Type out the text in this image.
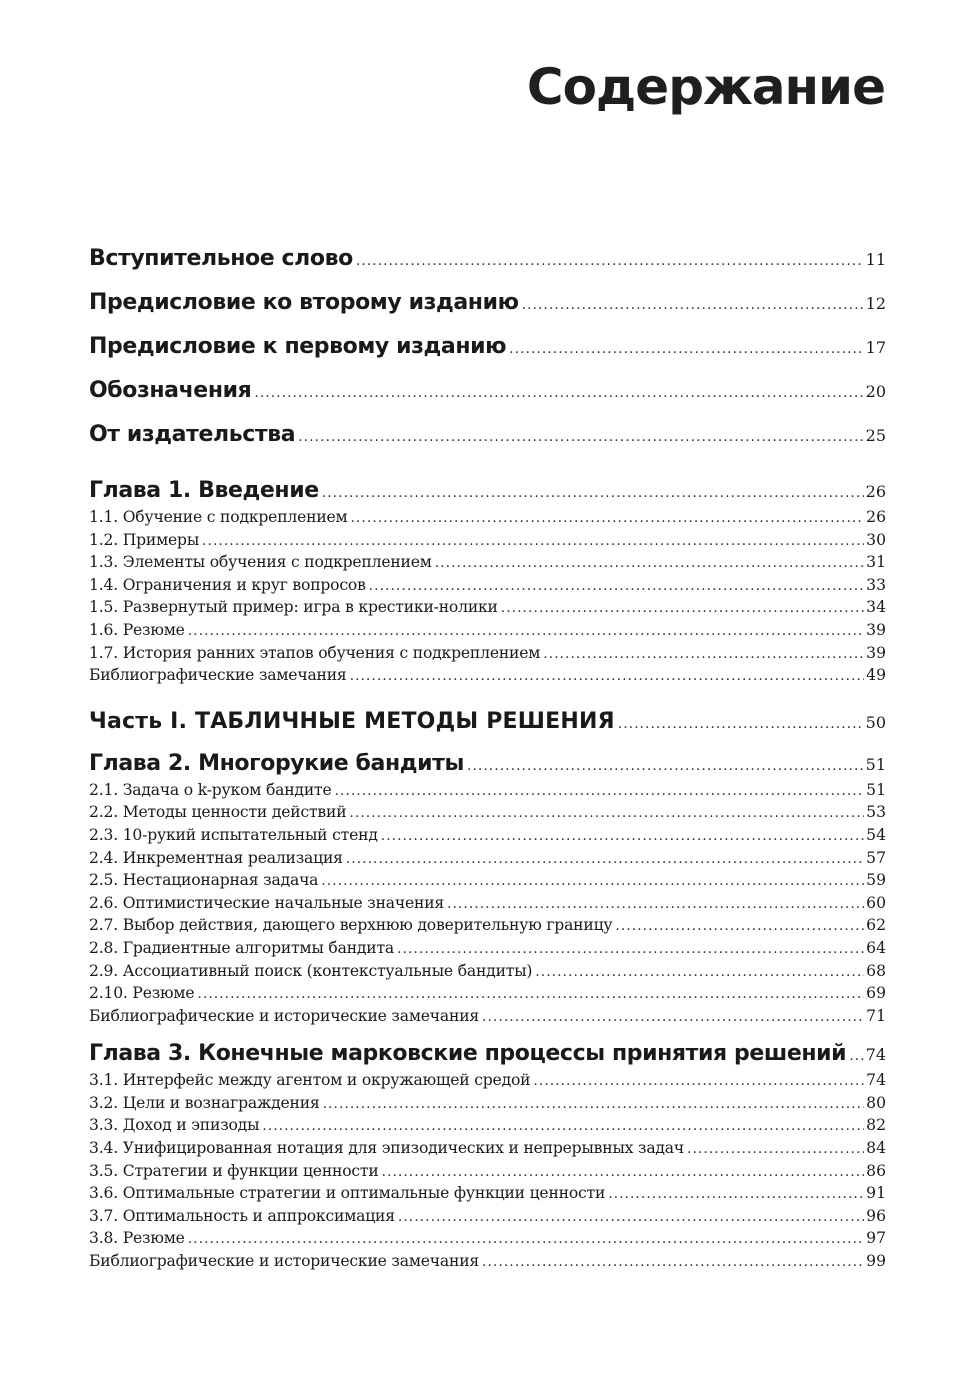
Содержание
Вступительное слово .....	11
Предисловие ко второму изданию .....	12
Предисловие к первому изданию .....	17
Обозначения .....	20
От издательства .....	25
Глава 1. Введение .....	26
1.1. Обучение с подкреплением .....	26
1.2. Примеры .....	30
1.3. Элементы обучения с подкреплением .....	31
1.4. Ограничения и круг вопросов .....	33
1.5. Развернутый пример: игра в крестики-нолики .....	34
1.6. Резюме .....	39
1.7. История ранних этапов обучения с подкреплением .....	39
Библиографические замечания .....	49
Часть I. ТАБЛИЧНЫЕ МЕТОДЫ РЕШЕНИЯ .....	50
Глава 2. Многорукие бандиты .....	51
2.1. Задача о k-руком бандите .....	51
2.2. Методы ценности действий .....	53
2.3. 10-рукий испытательный стенд .....	54
2.4. Инкрементная реализация .....	57
2.5. Нестационарная задача .....	59
2.6. Оптимистические начальные значения .....	60
2.7. Выбор действия, дающего верхнюю доверительную границу .....	62
2.8. Градиентные алгоритмы бандита .....	64
2.9. Ассоциативный поиск (контекстуальные бандиты) .....	68
2.10. Резюме .....	69
Библиографические и исторические замечания .....	71
Глава 3. Конечные марковские процессы принятия решений ..... 74
3.1. Интерфейс между агентом и окружающей средой .....	74
3.2. Цели и вознаграждения .....	80
3.3. Доход и эпизоды .....	82
3.4. Унифицированная нотация для эпизодических и непрерывных задач .....	84
3.5. Стратегии и функции ценности .....	86
3.6. Оптимальные стратегии и оптимальные функции ценности .....	91
3.7. Оптимальность и аппроксимация .....	96
3.8. Резюме .....	97
Библиографические и исторические замечания .....	99
